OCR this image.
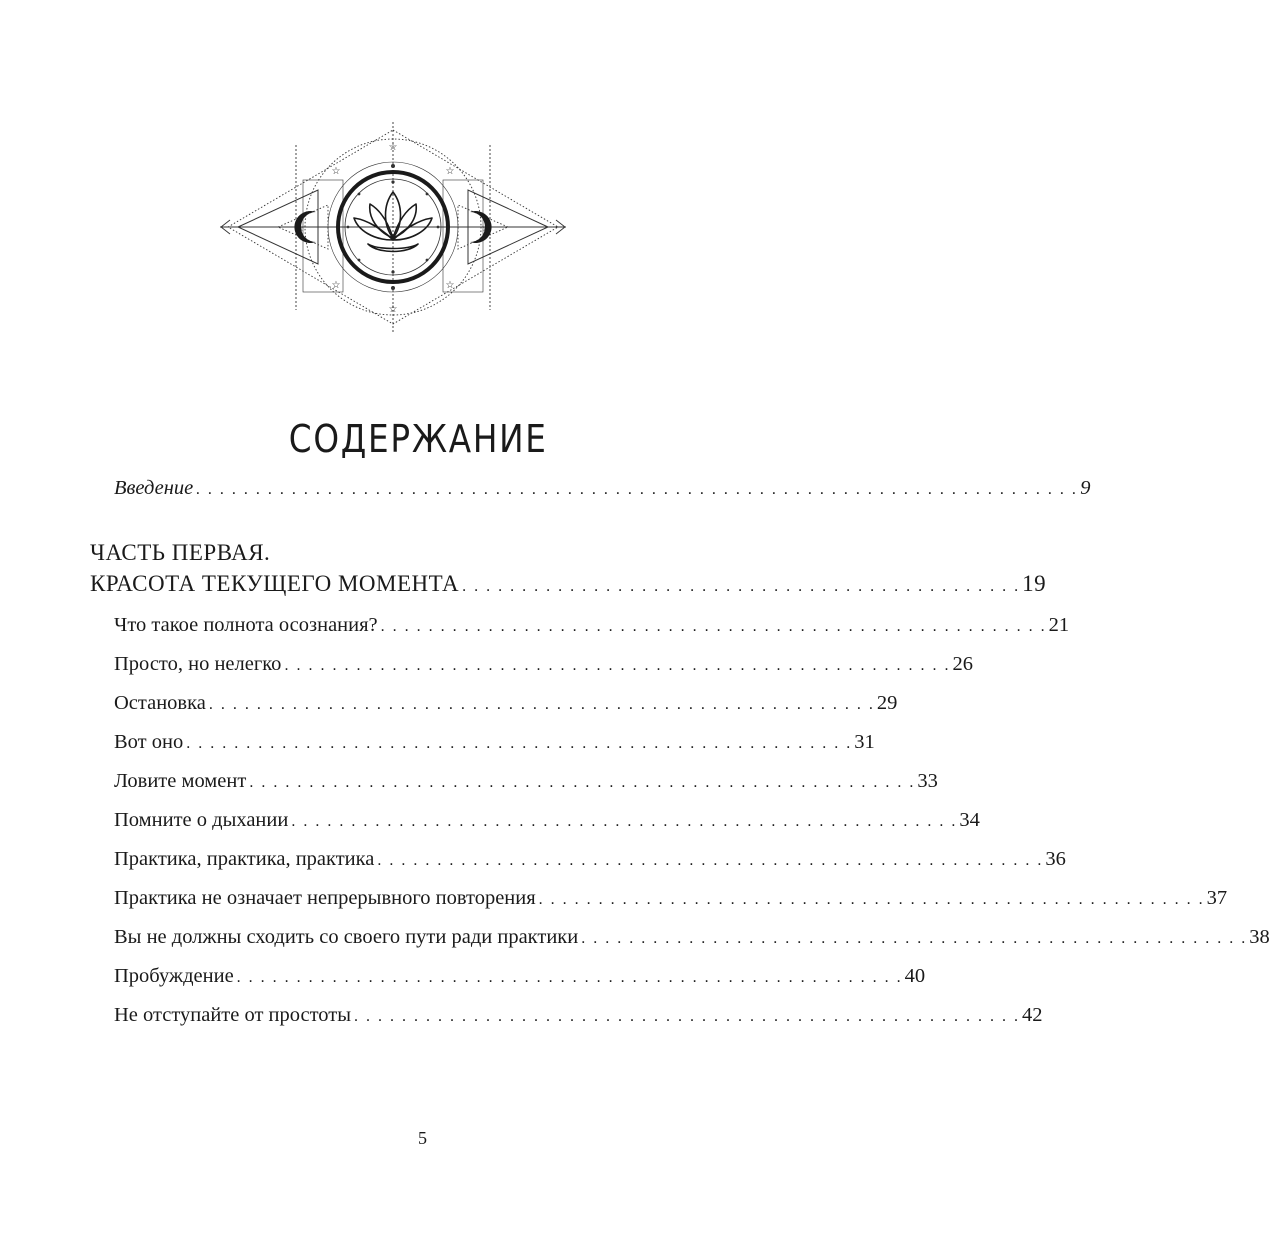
☆
☆
☆	☆
☆	☆
☆	☆
СОДЕРЖАНИЕ
Введение . . . . . . . . . . . . . . . . . . . . . . . . . . . . . . . . . . . . . . . . . . . . . . . . . . . . . . . . . . . . . . . . . . . . . . . . . . 9
ЧАСТЬ ПЕРВАЯ.
КРАСОТА ТЕКУЩЕГО МОМЕНТА . . . . . . . . . . . . . . . . . . . . . . . . . . . . . . . . . . . . . . . . . . . . . . . 19
Что такое полнота осознания? . . . . . . . . . . . . . . . . . . . . . . . . . . . . . . . . . . . . . . . . . . . . . . . . . . . . . . . . 21
Просто, но нелегко . . . . . . . . . . . . . . . . . . . . . . . . . . . . . . . . . . . . . . . . . . . . . . . . . . . . . . . . 26
Остановка . . . . . . . . . . . . . . . . . . . . . . . . . . . . . . . . . . . . . . . . . . . . . . . . . . . . . . . . 29
Вот оно . . . . . . . . . . . . . . . . . . . . . . . . . . . . . . . . . . . . . . . . . . . . . . . . . . . . . . . . 31
Ловите момент . . . . . . . . . . . . . . . . . . . . . . . . . . . . . . . . . . . . . . . . . . . . . . . . . . . . . . . . 33
Помните о дыхании . . . . . . . . . . . . . . . . . . . . . . . . . . . . . . . . . . . . . . . . . . . . . . . . . . . . . . . . 34
Практика, практика, практика . . . . . . . . . . . . . . . . . . . . . . . . . . . . . . . . . . . . . . . . . . . . . . . . . . . . . . . . 36
Практика не означает непрерывного повторения . . . . . . . . . . . . . . . . . . . . . . . . . . . . . . . . . . . . . . . . . . . . . . . . . . . . . . . . 37
Вы не должны сходить со своего пути ради практики . . . . . . . . . . . . . . . . . . . . . . . . . . . . . . . . . . . . . . . . . . . . . . . . . . . . . . . . 38
Пробуждение . . . . . . . . . . . . . . . . . . . . . . . . . . . . . . . . . . . . . . . . . . . . . . . . . . . . . . . . 40
Не отступайте от простоты . . . . . . . . . . . . . . . . . . . . . . . . . . . . . . . . . . . . . . . . . . . . . . . . . . . . . . . . 42
5
